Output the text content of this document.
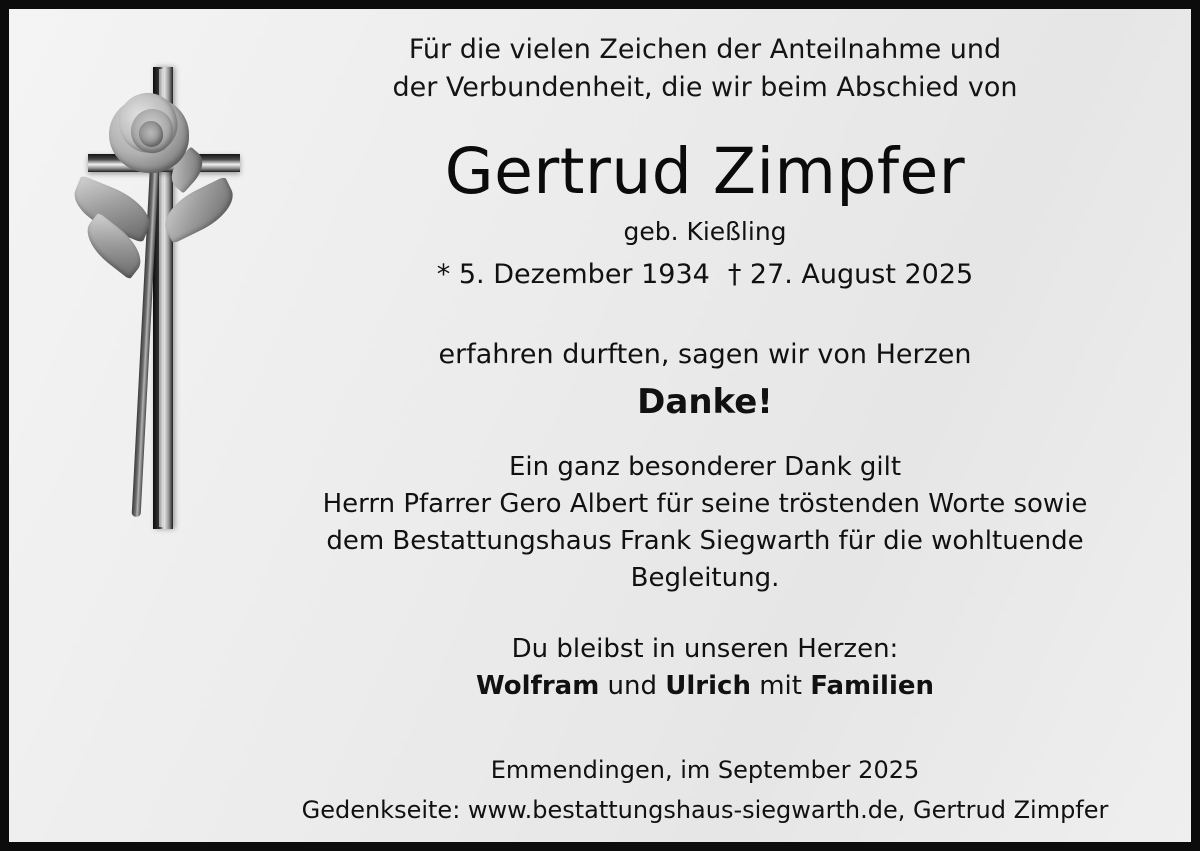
Für die vielen Zeichen der Anteilnahme und
der Verbundenheit, die wir beim Abschied von
Gertrud Zimpfer
geb. Kießling
* 5. Dezember 1934 † 27. August 2025
erfahren durften, sagen wir von Herzen
Danke!
Ein ganz besonderer Dank gilt
Herrn Pfarrer Gero Albert für seine tröstenden Worte sowie
dem Bestattungshaus Frank Siegwarth für die wohltuende Begleitung.
Du bleibst in unseren Herzen:
Wolfram und Ulrich mit Familien
Emmendingen, im September 2025
Gedenkseite: www.bestattungshaus-siegwarth.de, Gertrud Zimpfer
